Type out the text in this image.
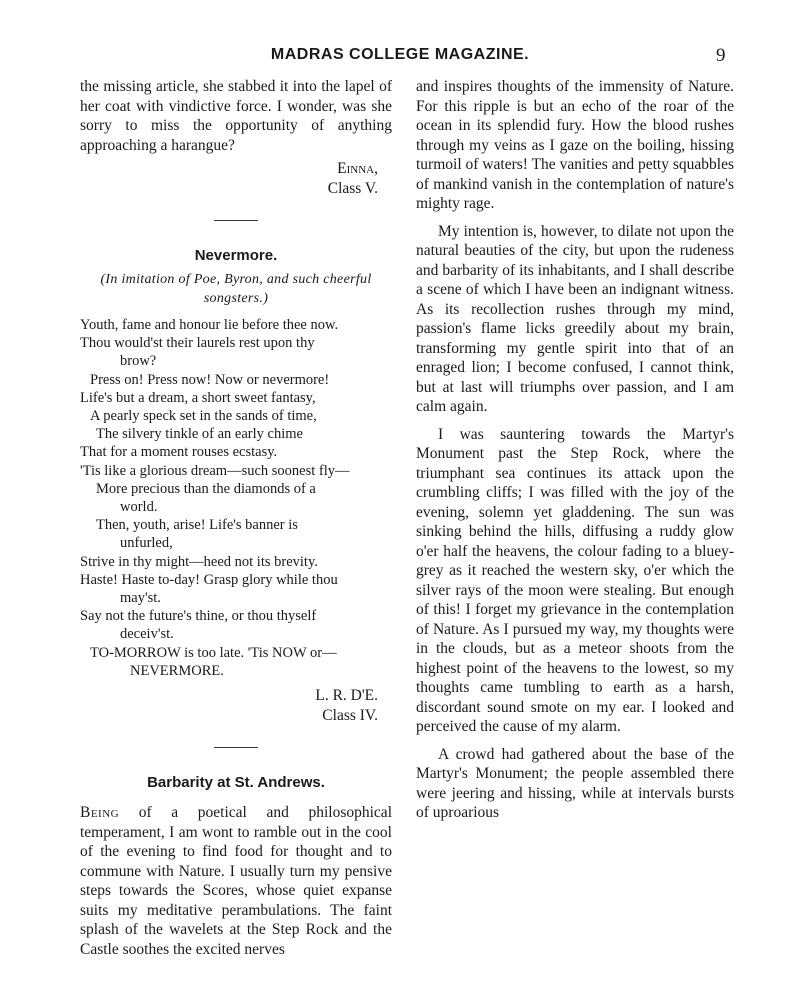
MADRAS COLLEGE MAGAZINE.	9

the missing article, she stabbed it into the lapel of her coat with vindictive force. I wonder, was she sorry to miss the opportunity of anything approaching a harangue?

Einna,

Class V.

Nevermore.

(In imitation of Poe, Byron, and such cheerful songsters.)

Youth, fame and honour lie before thee now.
Thou would'st their laurels rest upon thy
brow?
Press on! Press now! Now or nevermore!
Life's but a dream, a short sweet fantasy,
A pearly speck set in the sands of time,
The silvery tinkle of an early chime
That for a moment rouses ecstasy.
'Tis like a glorious dream—such soonest fly—
More precious than the diamonds of a
world.
Then, youth, arise! Life's banner is
unfurled,
Strive in thy might—heed not its brevity.
Haste! Haste to-day! Grasp glory while thou
may'st.
Say not the future's thine, or thou thyself
deceiv'st.
TO-MORROW is too late. 'Tis NOW or—
NEVERMORE.

L. R. D'E.

Class IV.

Barbarity at St. Andrews.

Being of a poetical and philosophical temperament, I am wont to ramble out in the cool of the evening to find food for thought and to commune with Nature. I usually turn my pensive steps towards the Scores, whose quiet expanse suits my meditative perambulations. The faint splash of the wavelets at the Step Rock and the Castle soothes the excited nerves

and inspires thoughts of the immensity of Nature. For this ripple is but an echo of the roar of the ocean in its splendid fury. How the blood rushes through my veins as I gaze on the boiling, hissing turmoil of waters! The vanities and petty squabbles of mankind vanish in the contemplation of nature's mighty rage.

My intention is, however, to dilate not upon the natural beauties of the city, but upon the rudeness and barbarity of its inhabitants, and I shall describe a scene of which I have been an indignant witness. As its recollection rushes through my mind, passion's flame licks greedily about my brain, transforming my gentle spirit into that of an enraged lion; I become confused, I cannot think, but at last will triumphs over passion, and I am calm again.

I was sauntering towards the Martyr's Monument past the Step Rock, where the triumphant sea continues its attack upon the crumbling cliffs; I was filled with the joy of the evening, solemn yet gladdening. The sun was sinking behind the hills, diffusing a ruddy glow o'er half the heavens, the colour fading to a bluey-grey as it reached the western sky, o'er which the silver rays of the moon were stealing. But enough of this! I forget my grievance in the contemplation of Nature. As I pursued my way, my thoughts were in the clouds, but as a meteor shoots from the highest point of the heavens to the lowest, so my thoughts came tumbling to earth as a harsh, discordant sound smote on my ear. I looked and perceived the cause of my alarm.

A crowd had gathered about the base of the Martyr's Monument; the people assembled there were jeering and hissing, while at intervals bursts of uproarious
